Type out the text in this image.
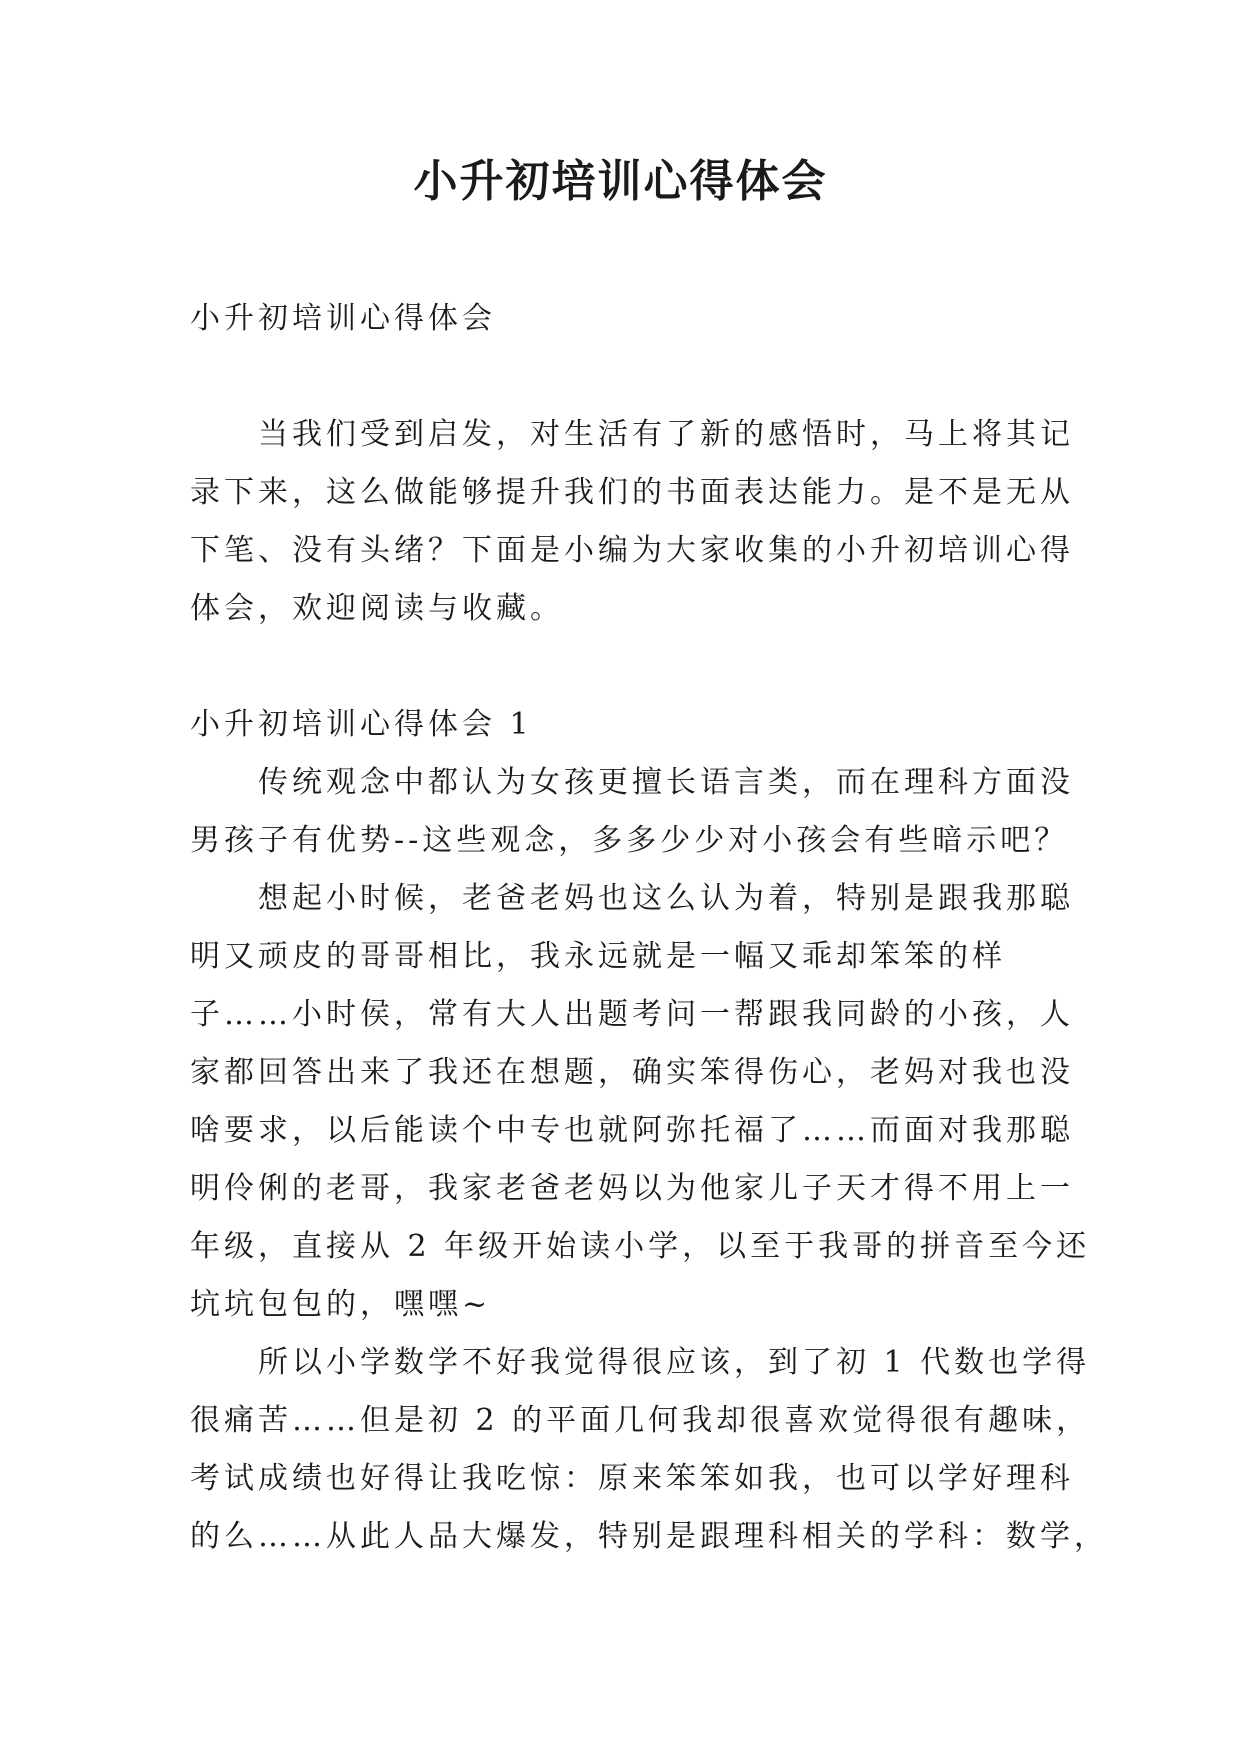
小升初培训心得体会
小升初培训心得体会
当我们受到启发，对生活有了新的感悟时，马上将其记
录下来，这么做能够提升我们的书面表达能力。是不是无从
下笔、没有头绪？下面是小编为大家收集的小升初培训心得
体会，欢迎阅读与收藏。
小升初培训心得体会 1
传统观念中都认为女孩更擅长语言类，而在理科方面没
男孩子有优势--这些观念，多多少少对小孩会有些暗示吧？
想起小时候，老爸老妈也这么认为着，特别是跟我那聪
明又顽皮的哥哥相比，我永远就是一幅又乖却笨笨的样
子……小时侯，常有大人出题考问一帮跟我同龄的小孩，人
家都回答出来了我还在想题，确实笨得伤心，老妈对我也没
啥要求，以后能读个中专也就阿弥托福了……而面对我那聪
明伶俐的老哥，我家老爸老妈以为他家儿子天才得不用上一
年级，直接从 2 年级开始读小学，以至于我哥的拼音至今还
坑坑包包的，嘿嘿~
所以小学数学不好我觉得很应该，到了初 1 代数也学得
很痛苦……但是初 2 的平面几何我却很喜欢觉得很有趣味，
考试成绩也好得让我吃惊：原来笨笨如我，也可以学好理科
的么……从此人品大爆发，特别是跟理科相关的学科：数学，
